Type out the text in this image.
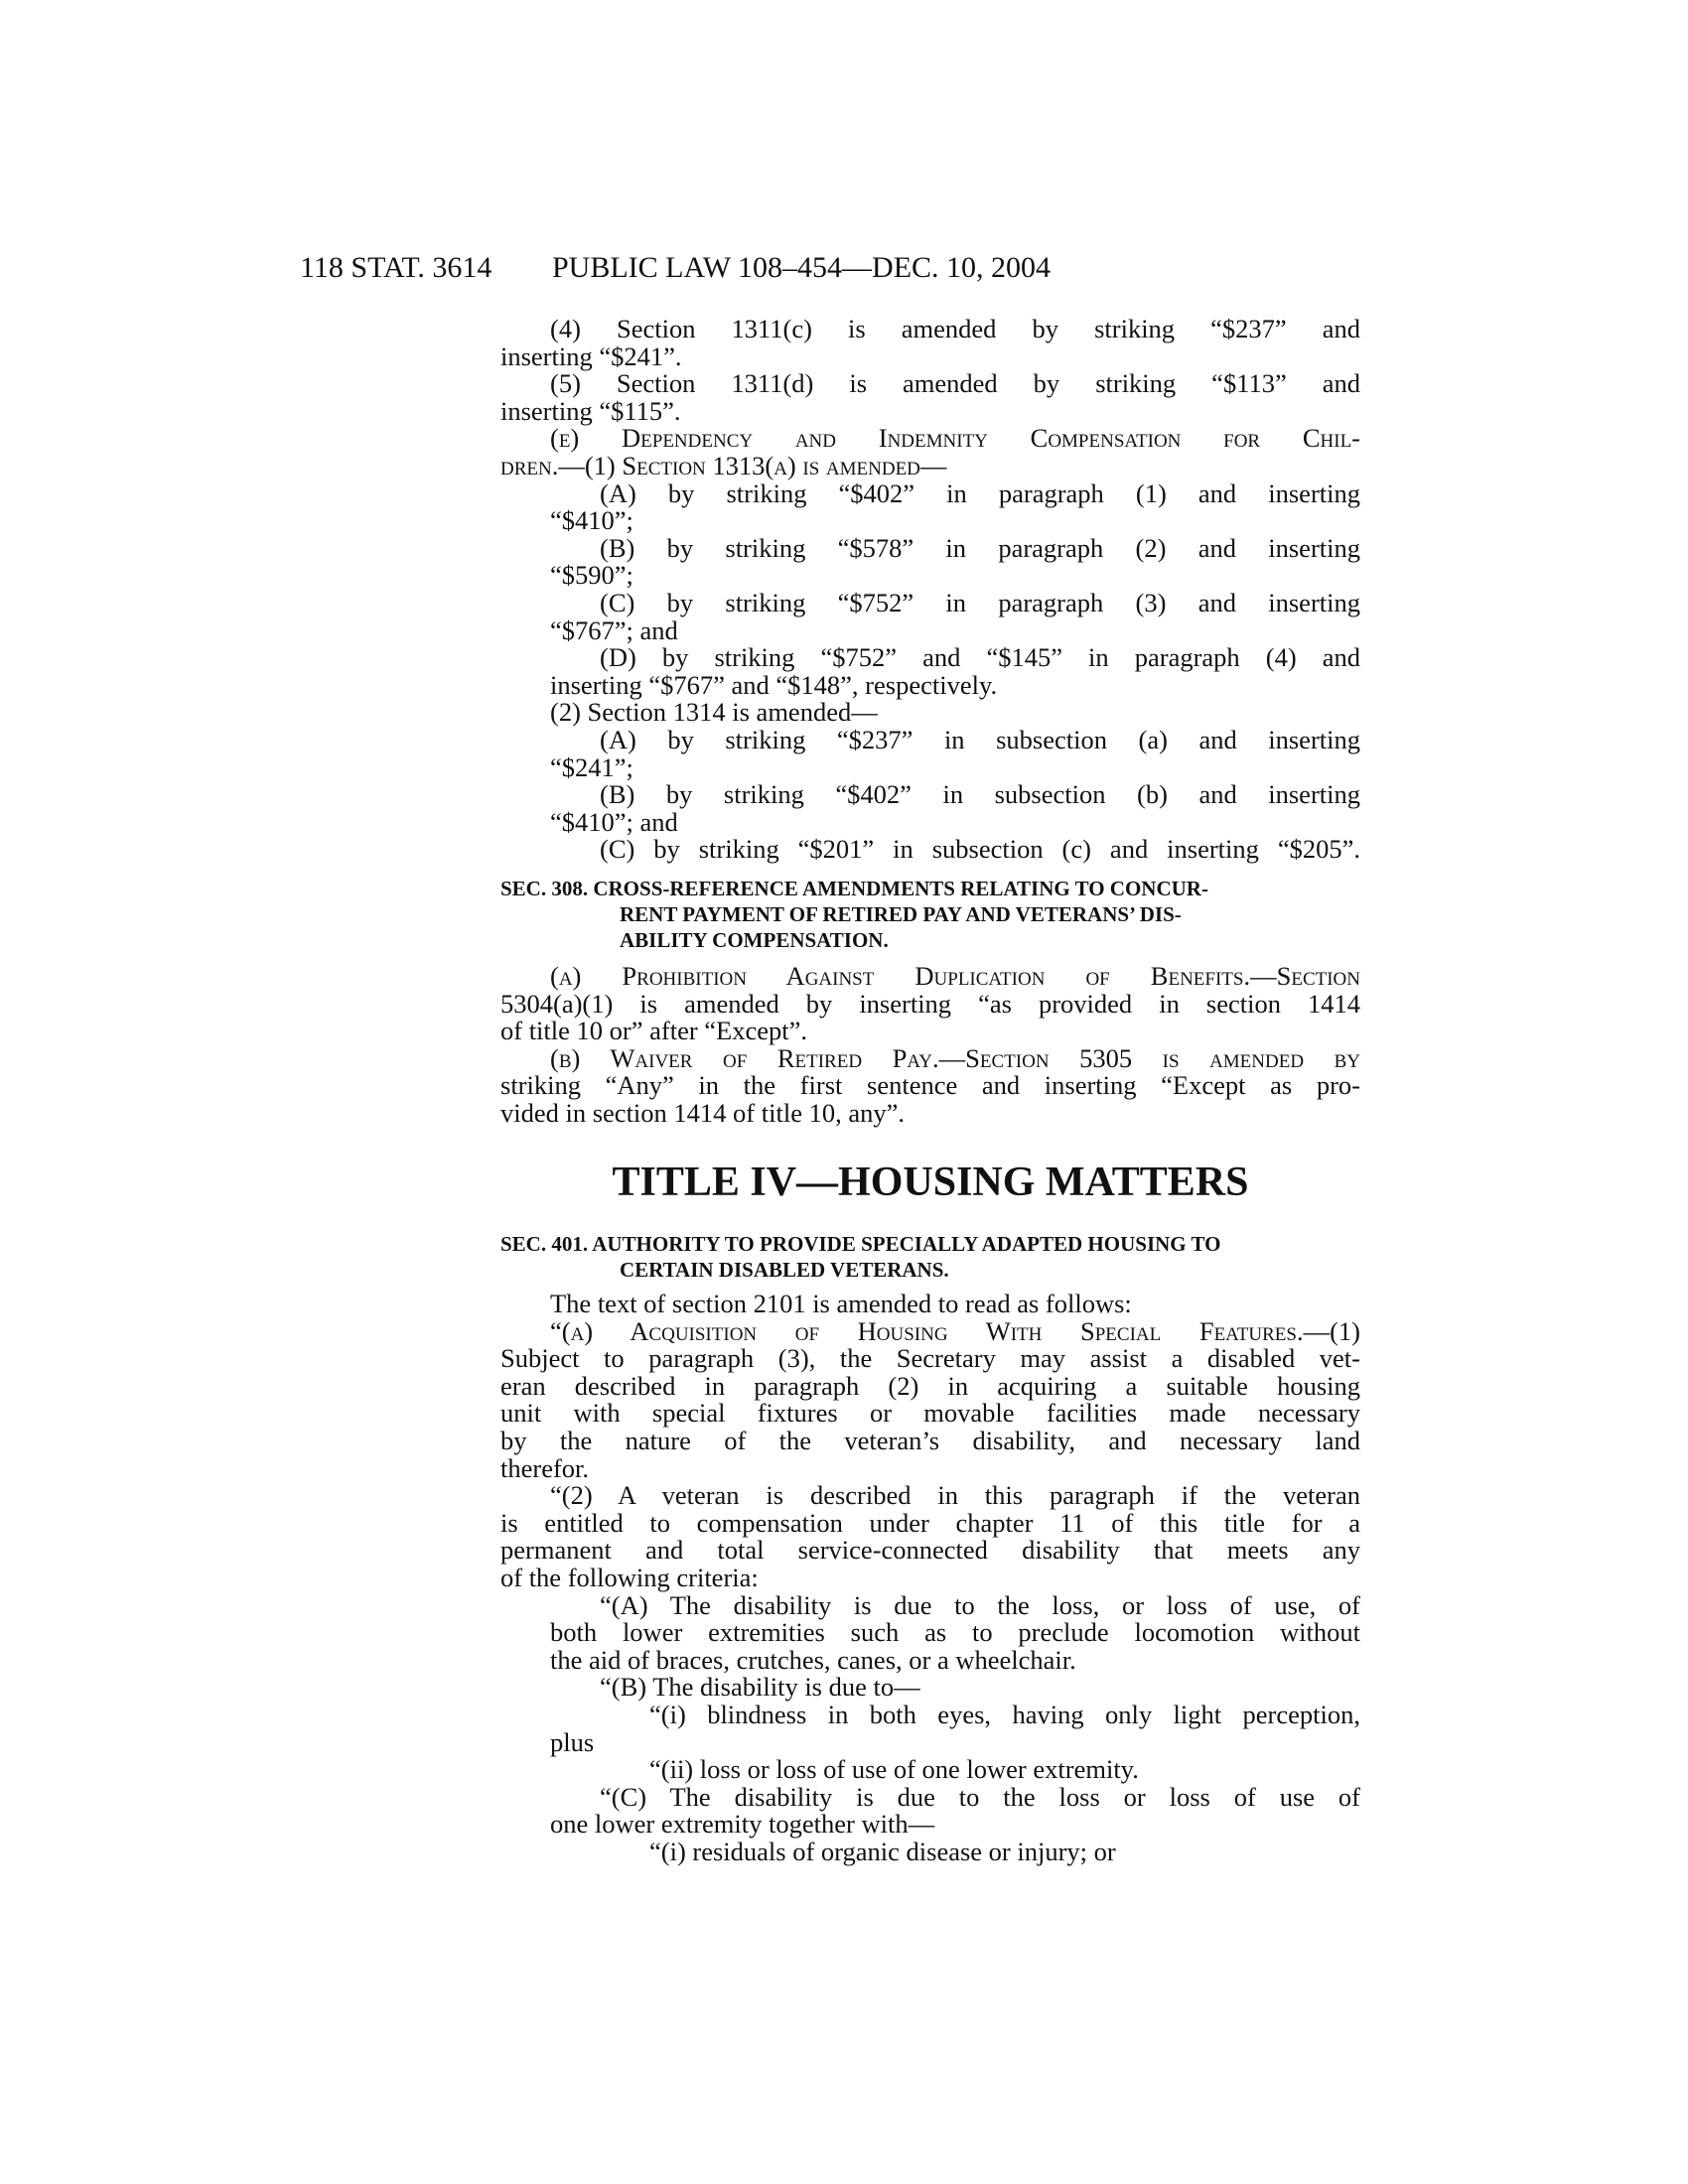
118 STAT. 3614 PUBLIC LAW 108–454—DEC. 10, 2004
(4) Section 1311(c) is amended by striking “$237” and
inserting “$241”.
(5) Section 1311(d) is amended by striking “$113” and
inserting “$115”.
(e) Dependency and Indemnity Compensation for Chil-
dren.—(1) Section 1313(a) is amended—
(A) by striking “$402” in paragraph (1) and inserting
“$410”;
(B) by striking “$578” in paragraph (2) and inserting
“$590”;
(C) by striking “$752” in paragraph (3) and inserting
“$767”; and
(D) by striking “$752” and “$145” in paragraph (4) and
inserting “$767” and “$148”, respectively.
(2) Section 1314 is amended—
(A) by striking “$237” in subsection (a) and inserting
“$241”;
(B) by striking “$402” in subsection (b) and inserting
“$410”; and
(C) by striking “$201” in subsection (c) and inserting “$205”.
SEC. 308. CROSS-REFERENCE AMENDMENTS RELATING TO CONCUR-
RENT PAYMENT OF RETIRED PAY AND VETERANS’ DIS-
ABILITY COMPENSATION.
(a) Prohibition Against Duplication of Benefits.—Section
5304(a)(1) is amended by inserting “as provided in section 1414
of title 10 or” after “Except”.
(b) Waiver of Retired Pay.—Section 5305 is amended by
striking “Any” in the first sentence and inserting “Except as pro-
vided in section 1414 of title 10, any”.
TITLE IV—HOUSING MATTERS
SEC. 401. AUTHORITY TO PROVIDE SPECIALLY ADAPTED HOUSING TO
CERTAIN DISABLED VETERANS.
The text of section 2101 is amended to read as follows:
“(a) Acquisition of Housing With Special Features.—(1)
Subject to paragraph (3), the Secretary may assist a disabled vet-
eran described in paragraph (2) in acquiring a suitable housing
unit with special fixtures or movable facilities made necessary
by the nature of the veteran’s disability, and necessary land
therefor.
“(2) A veteran is described in this paragraph if the veteran
is entitled to compensation under chapter 11 of this title for a
permanent and total service-connected disability that meets any
of the following criteria:
“(A) The disability is due to the loss, or loss of use, of
both lower extremities such as to preclude locomotion without
the aid of braces, crutches, canes, or a wheelchair.
“(B) The disability is due to—
“(i) blindness in both eyes, having only light perception,
plus
“(ii) loss or loss of use of one lower extremity.
“(C) The disability is due to the loss or loss of use of
one lower extremity together with—
“(i) residuals of organic disease or injury; or
